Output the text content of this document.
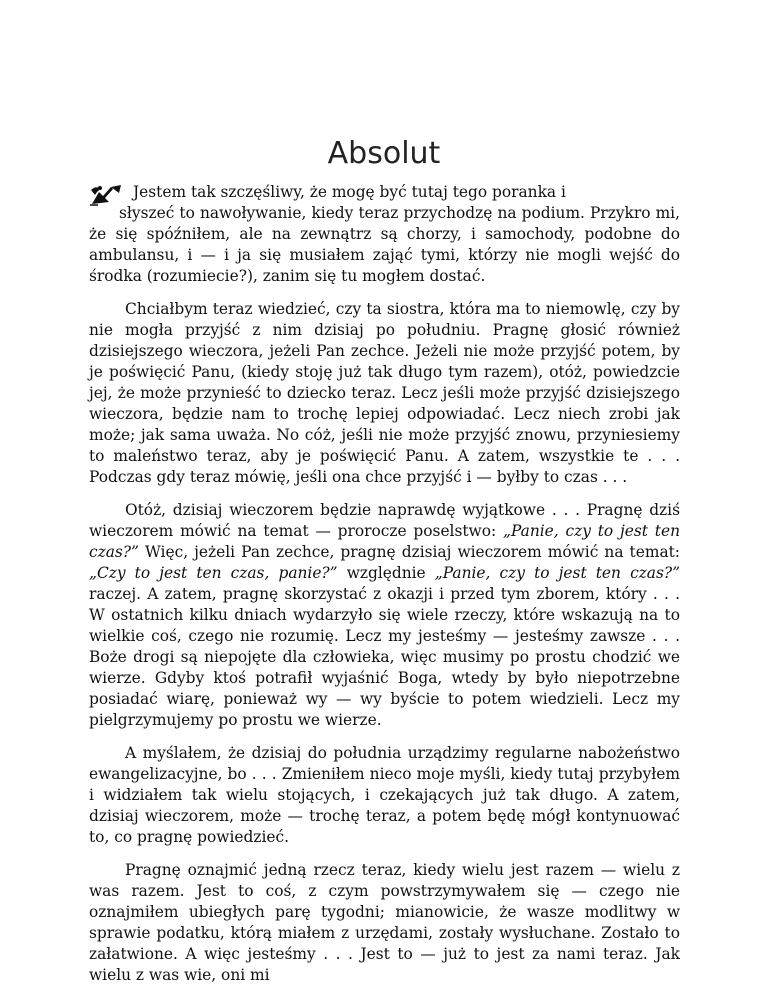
Absolut
Jestem tak szczęśliwy, że mogę być tutaj tego poranka i
słyszeć to nawoływanie, kiedy teraz przychodzę na podium. Przykro mi, że się spóźniłem, ale na zewnątrz są chorzy, i samochody, podobne do ambulansu, i — i ja się musiałem zająć tymi, którzy nie mogli wejść do środka (rozumiecie?), zanim się tu mogłem dostać.

Chciałbym teraz wiedzieć, czy ta siostra, która ma to niemowlę, czy by nie mogła przyjść z nim dzisiaj po południu. Pragnę głosić również dzisiejszego wieczora, jeżeli Pan zechce. Jeżeli nie może przyjść potem, by je poświęcić Panu, (kiedy stoję już tak długo tym razem), otóż, powiedzcie jej, że może przynieść to dziecko teraz. Lecz jeśli może przyjść dzisiejszego wieczora, będzie nam to trochę lepiej odpowiadać. Lecz niech zrobi jak może; jak sama uważa. No cóż, jeśli nie może przyjść znowu, przyniesiemy to maleństwo teraz, aby je poświęcić Panu. A zatem, wszystkie te . . . Podczas gdy teraz mówię, jeśli ona chce przyjść i — byłby to czas . . .

Otóż, dzisiaj wieczorem będzie naprawdę wyjątkowe . . . Pragnę dziś wieczorem mówić na temat — prorocze poselstwo: „Panie, czy to jest ten czas?” Więc, jeżeli Pan zechce, pragnę dzisiaj wieczorem mówić na temat: „Czy to jest ten czas, panie?” względnie „Panie, czy to jest ten czas?” raczej. A zatem, pragnę skorzystać z okazji i przed tym zborem, który . . . W ostatnich kilku dniach wydarzyło się wiele rzeczy, które wskazują na to wielkie coś, czego nie rozumię. Lecz my jesteśmy — jesteśmy zawsze . . . Boże drogi są niepojęte dla człowieka, więc musimy po prostu chodzić we wierze. Gdyby ktoś potrafił wyjaśnić Boga, wtedy by było niepotrzebne posiadać wiarę, ponieważ wy — wy byście to potem wiedzieli. Lecz my pielgrzymujemy po prostu we wierze.

A myślałem, że dzisiaj do południa urządzimy regularne nabożeństwo ewangelizacyjne, bo . . . Zmieniłem nieco moje myśli, kiedy tutaj przybyłem i widziałem tak wielu stojących, i czekających już tak długo. A zatem, dzisiaj wieczorem, może — trochę teraz, a potem będę mógł kontynuować to, co pragnę powiedzieć.

Pragnę oznajmić jedną rzecz teraz, kiedy wielu jest razem — wielu z was razem. Jest to coś, z czym powstrzymywałem się — czego nie oznajmiłem ubiegłych parę tygodni; mianowicie, że wasze modlitwy w sprawie podatku, którą miałem z urzędami, zostały wysłuchane. Zostało to załatwione. A więc jesteśmy . . . Jest to — już to jest za nami teraz. Jak wielu z was wie, oni mi
